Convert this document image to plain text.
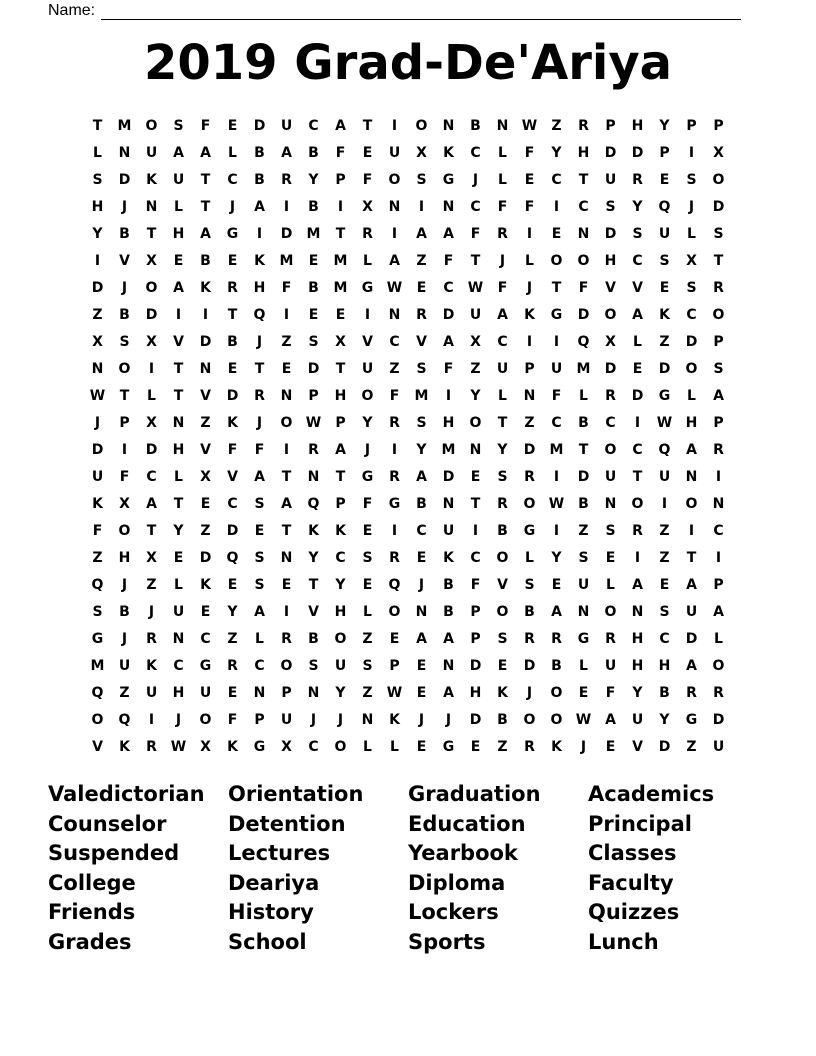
Name:
2019 Grad-De'Ariya
T	M	O	S	F	E	D	U	C	A	T	I	O	N	B	N W	Z	R	P	H	Y	P	P
L	N	U	A	A	L	B	A	B	F	E	U	X	K	C	L	F	Y	H	D	D	P	I	X
S	D	K	U	T	C	B	R	Y	P	F	O	S	G	J	L	E	C	T	U	R	E	S	O
H	J	N	L	T	J	A	I	B	I	X	N	I	N	C	F	F	I	C	S	Y	Q	J	D
Y	B	T	H	A	G	I	D	M	T	R	I	A	A	F	R	I	E	N	D	S	U	L	S
I	V	X	E	B	E	K	M	E	M	L	A	Z	F	T	J	L	O	O	H	C	S	X	T
D	J	O	A	K	R	H	F	B	M	G W	E	C	W	F	J	T	F	V	V	E	S	R
Z	B	D	I	I	T	Q	I	E	E	I	N	R	D	U	A	K	G	D	O	A	K	C	O
X	S	X	V	D	B	J	Z	S	X	V	C	V	A	X	C	I	I	Q	X	L	Z	D	P
N	O	I	T	N	E	T	E	D	T	U	Z	S	F	Z	U	P	U	M	D	E	D	O	S
W	T	L	T	V	D	R	N	P	H	O	F	M	I	Y	L	N	F	L	R	D	G	L	A
J	P	X	N	Z	K	J	O W	P	Y	R	S	H	O	T	Z	C	B	C	I	W H	P
D	I	D	H	V	F	F	I	R	A	J	I	Y	M	N	Y	D	M	T	O	C	Q	A	R
U	F	C	L	X	V	A	T	N	T	G	R	A	D	E	S	R	I	D	U	T	U	N	I
K	X	A	T	E	C	S	A	Q	P	F	G	B	N	T	R	O W B	N	O	I	O	N
F	O	T	Y	Z	D	E	T	K	K	E	I	C	U	I	B	G	I	Z	S	R	Z	I	C
Z	H	X	E	D	Q	S	N	Y	C	S	R	E	K	C	O	L	Y	S	E	I	Z	T	I
Q	J	Z	L	K	E	S	E	T	Y	E	Q	J	B	F	V	S	E	U	L	A	E	A	P
S	B	J	U	E	Y	A	I	V	H	L	O	N	B	P	O	B	A	N	O	N	S	U	A
G	J	R	N	C	Z	L	R	B	O	Z	E	A	A	P	S	R	R	G	R	H	C	D	L
M	U	K	C	G	R	C	O	S	U	S	P	E	N	D	E	D	B	L	U	H	H	A	O
Q	Z	U	H	U	E	N	P	N	Y	Z	W	E	A	H	K	J	O	E	F	Y	B	R	R
O	Q	I	J	O	F	P	U	J	J	N	K	J	J	D	B	O	O W A	U	Y	G	D
V	K	R W X	K	G	X	C	O	L	L	E	G	E	Z	R	K	J	E	V	D	Z	U
Valedictorian	Orientation	Graduation	Academics
Counselor	Detention	Education	Principal
Suspended	Lectures	Yearbook	Classes
College	Deariya	Diploma	Faculty
Friends	History	Lockers	Quizzes
Grades	School	Sports	Lunch
